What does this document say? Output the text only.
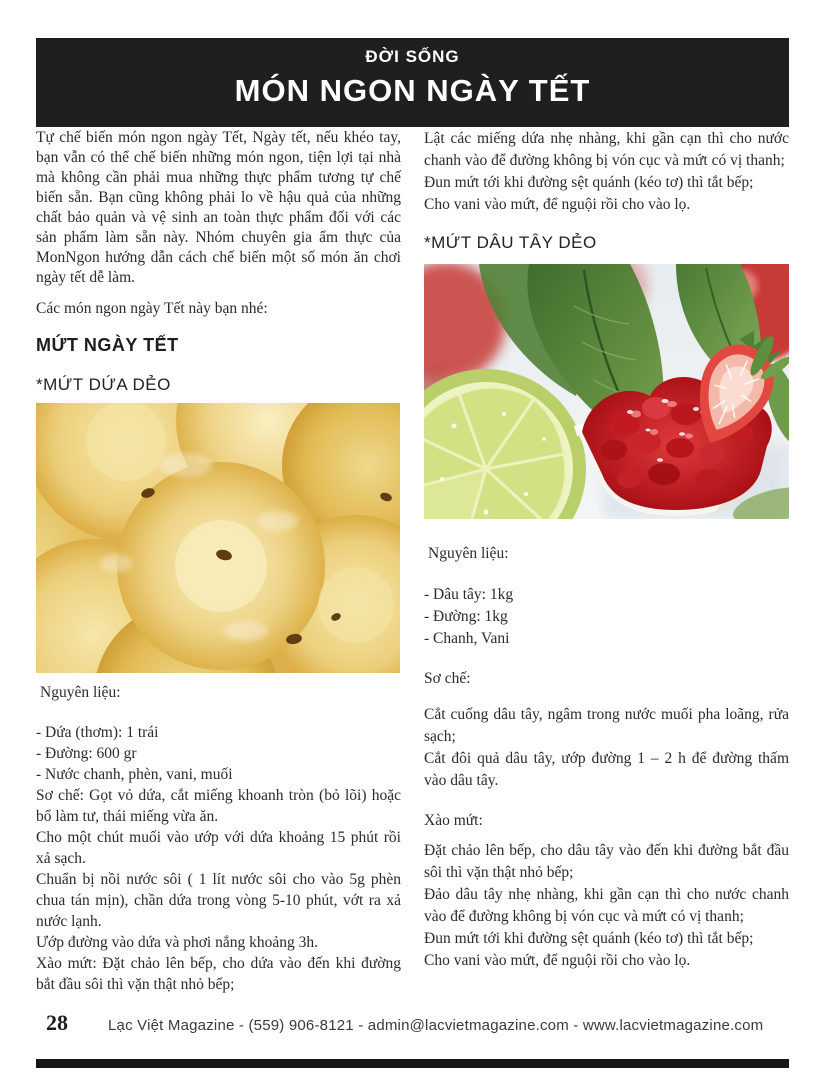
ĐỜI SỐNG
MÓN NGON NGÀY TẾT

Tự chế biến món ngon ngày Tết, Ngày tết, nếu khéo tay, bạn vẫn có thể chế biến những món ngon, tiện lợi tại nhà mà không cần phải mua những thực phẩm tương tự chế biến sẵn. Bạn cũng không phải lo về hậu quả của những chất bảo quản và vệ sinh an toàn thực phẩm đối với các sản phẩm làm sẵn này. Nhóm chuyên gia ẩm thực của MonNgon hướng dẫn cách chế biến một số món ăn chơi ngày tết dễ làm.

Các món ngon ngày Tết này bạn nhé:

MỨT NGÀY TẾT
*MỨT DỨA DẺO

Nguyên liệu:

- Dứa (thơm): 1 trái

- Đường: 600 gr

- Nước chanh, phèn, vani, muối

Sơ chế: Gọt vỏ dứa, cắt miếng khoanh tròn (bỏ lõi) hoặc bổ làm tư, thái miếng vừa ăn.

Cho một chút muối vào ướp với dứa khoảng 15 phút rồi xả sạch.

Chuẩn bị nồi nước sôi ( 1 lít nước sôi cho vào 5g phèn chua tán mịn), chần dứa trong vòng 5-10 phút, vớt ra xả nước lạnh.

Ướp đường vào dứa và phơi nắng khoảng 3h.

Xào mứt: Đặt chảo lên bếp, cho dứa vào đến khi đường bắt đầu sôi thì vặn thật nhỏ bếp;

Lật các miếng dứa nhẹ nhàng, khi gần cạn thì cho nước chanh vào để đường không bị vón cục và mứt có vị thanh;

Đun mứt tới khi đường sệt quánh (kéo tơ) thì tắt bếp;

Cho vani vào mứt, để nguội rồi cho vào lọ.

*MỨT DÂU TÂY DẺO

Nguyên liệu:

- Dâu tây: 1kg

- Đường: 1kg

- Chanh, Vani

Sơ chế:

Cắt cuống dâu tây, ngâm trong nước muối pha loãng, rửa sạch;

Cắt đôi quả dâu tây, ướp đường 1 – 2 h để đường thấm vào dâu tây.

Xào mứt:

Đặt chảo lên bếp, cho dâu tây vào đến khi đường bắt đầu sôi thì vặn thật nhỏ bếp;

Đảo dâu tây nhẹ nhàng, khi gần cạn thì cho nước chanh vào để đường không bị vón cục và mứt có vị thanh;

Đun mứt tới khi đường sệt quánh (kéo tơ) thì tắt bếp;

Cho vani vào mứt, để nguội rồi cho vào lọ.

28	Lạc Việt Magazine - (559) 906-8121 - admin@lacvietmagazine.com - www.lacvietmagazine.com
